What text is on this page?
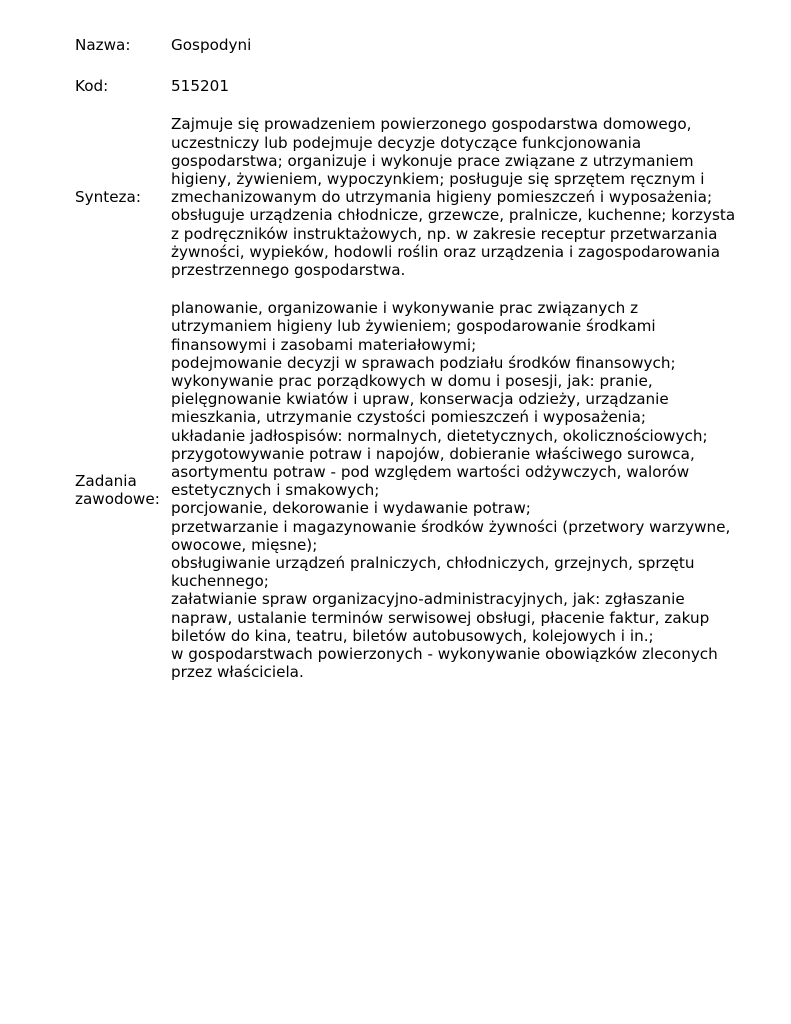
Nazwa:	Gospodyni
Kod:	515201
Synteza:
Zajmuje się prowadzeniem powierzonego gospodarstwa domowego,
uczestniczy lub podejmuje decyzje dotyczące funkcjonowania
gospodarstwa; organizuje i wykonuje prace związane z utrzymaniem
higieny, żywieniem, wypoczynkiem; posługuje się sprzętem ręcznym i
zmechanizowanym do utrzymania higieny pomieszczeń i wyposażenia;
obsługuje urządzenia chłodnicze, grzewcze, pralnicze, kuchenne; korzysta
z podręczników instruktażowych, np. w zakresie receptur przetwarzania
żywności, wypieków, hodowli roślin oraz urządzenia i zagospodarowania
przestrzennego gospodarstwa.
Zadania
zawodowe:
planowanie, organizowanie i wykonywanie prac związanych z
utrzymaniem higieny lub żywieniem; gospodarowanie środkami
finansowymi i zasobami materiałowymi;
podejmowanie decyzji w sprawach podziału środków finansowych;
wykonywanie prac porządkowych w domu i posesji, jak: pranie,
pielęgnowanie kwiatów i upraw, konserwacja odzieży, urządzanie
mieszkania, utrzymanie czystości pomieszczeń i wyposażenia;
układanie jadłospisów: normalnych, dietetycznych, okolicznościowych;
przygotowywanie potraw i napojów, dobieranie właściwego surowca,
asortymentu potraw - pod względem wartości odżywczych, walorów
estetycznych i smakowych;
porcjowanie, dekorowanie i wydawanie potraw;
przetwarzanie i magazynowanie środków żywności (przetwory warzywne,
owocowe, mięsne);
obsługiwanie urządzeń pralniczych, chłodniczych, grzejnych, sprzętu
kuchennego;
załatwianie spraw organizacyjno-administracyjnych, jak: zgłaszanie
napraw, ustalanie terminów serwisowej obsługi, płacenie faktur, zakup
biletów do kina, teatru, biletów autobusowych, kolejowych i in.;
w gospodarstwach powierzonych - wykonywanie obowiązków zleconych
przez właściciela.
